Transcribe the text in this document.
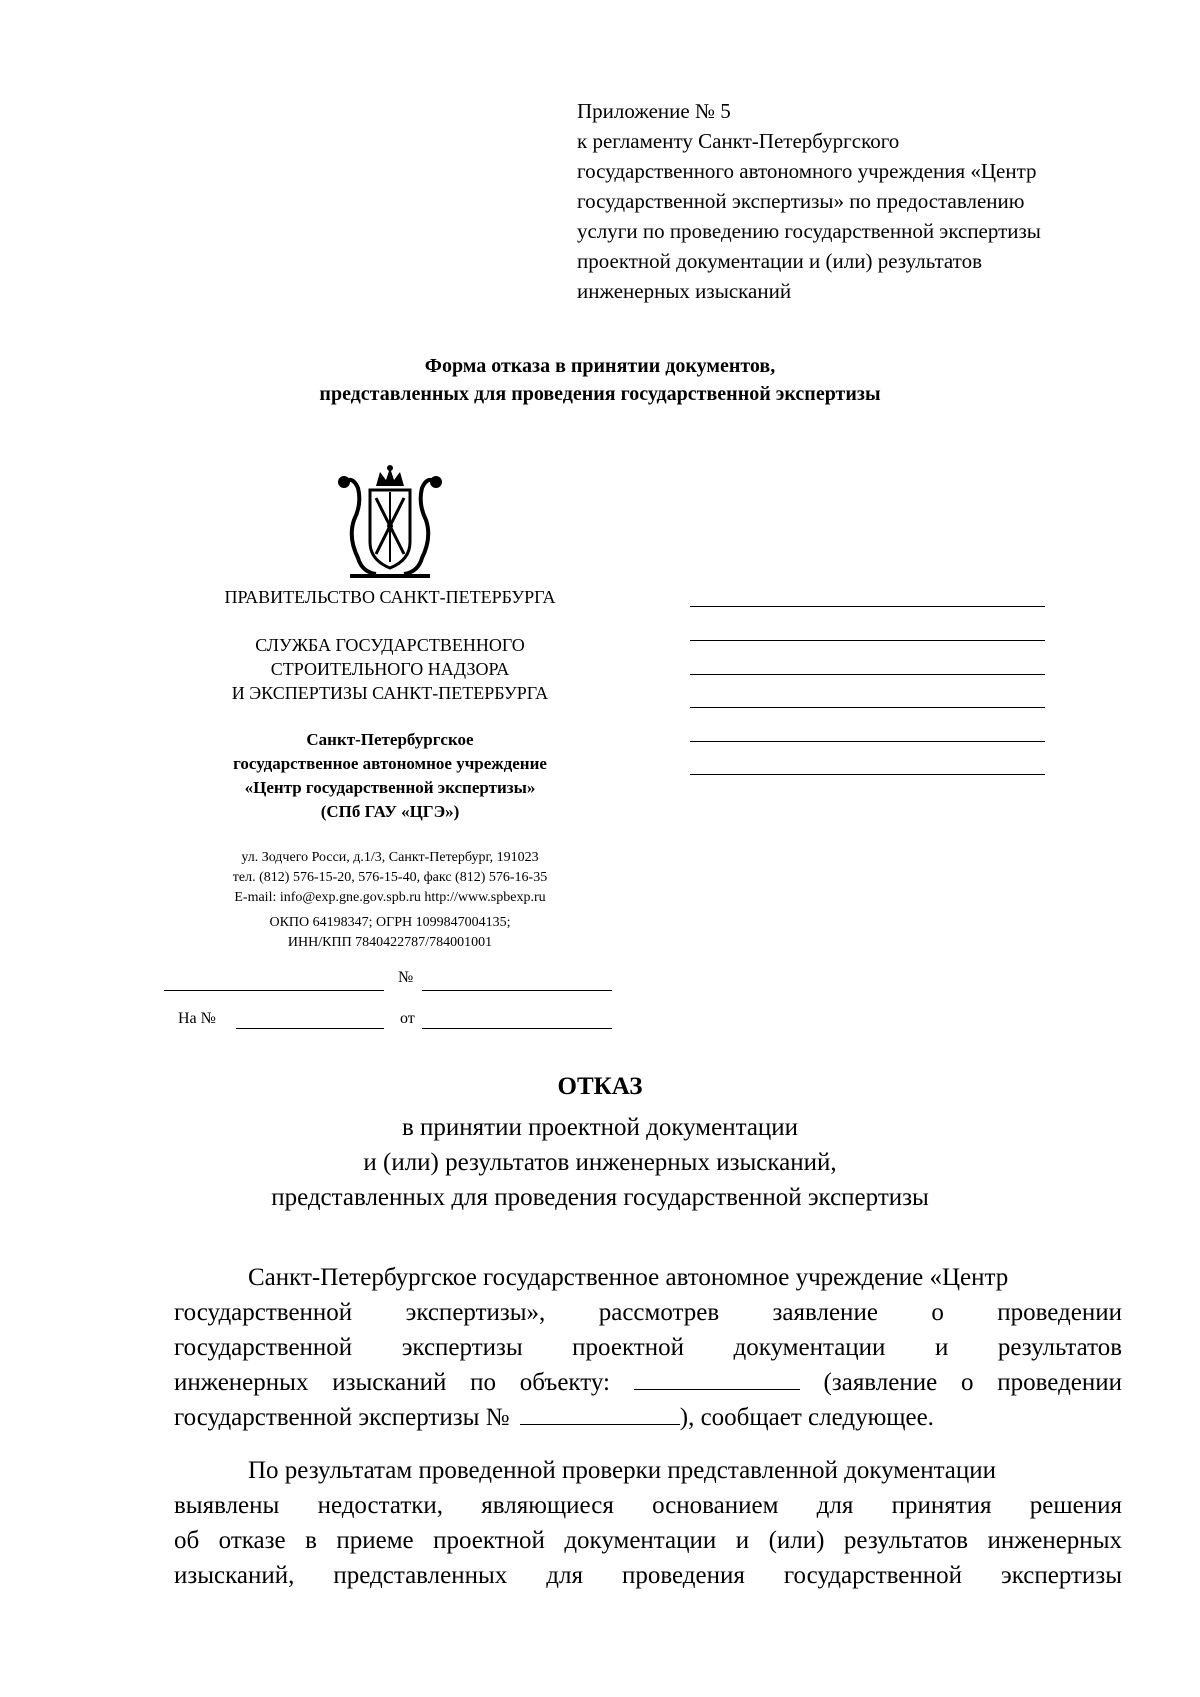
Приложение № 5
к регламенту Санкт-Петербургского
государственного автономного учреждения «Центр
государственной экспертизы» по предоставлению
услуги по проведению государственной экспертизы
проектной документации и (или) результатов
инженерных изысканий
Форма отказа в принятии документов,
представленных для проведения государственной экспертизы
ПРАВИТЕЛЬСТВО САНКТ-ПЕТЕРБУРГА
СЛУЖБА ГОСУДАРСТВЕННОГО
СТРОИТЕЛЬНОГО НАДЗОРА
И ЭКСПЕРТИЗЫ САНКТ-ПЕТЕРБУРГА
Санкт-Петербургское
государственное автономное учреждение
«Центр государственной экспертизы»
(СПб ГАУ «ЦГЭ»)
ул. Зодчего Росси, д.1/3, Санкт-Петербург, 191023
тел. (812) 576-15-20, 576-15-40, факс (812) 576-16-35
E-mail: info@exp.gne.gov.spb.ru http://www.spbexp.ru
ОКПО 64198347; ОГРН 1099847004135;
ИНН/КПП 7840422787/784001001
№
На №	от
ОТКАЗ
в принятии проектной документации
и (или) результатов инженерных изысканий,
представленных для проведения государственной экспертизы
Санкт-Петербургское государственное автономное учреждение «Центр
государственной экспертизы», рассмотрев заявление о проведении
государственной экспертизы проектной документации и результатов
инженерных изысканий по объекту:	(заявление о проведении
государственной экспертизы №	), сообщает следующее.
По результатам проведенной проверки представленной документации
выявлены недостатки, являющиеся основанием для принятия решения
об отказе в приеме проектной документации и (или) результатов инженерных
изысканий, представленных для проведения государственной экспертизы
